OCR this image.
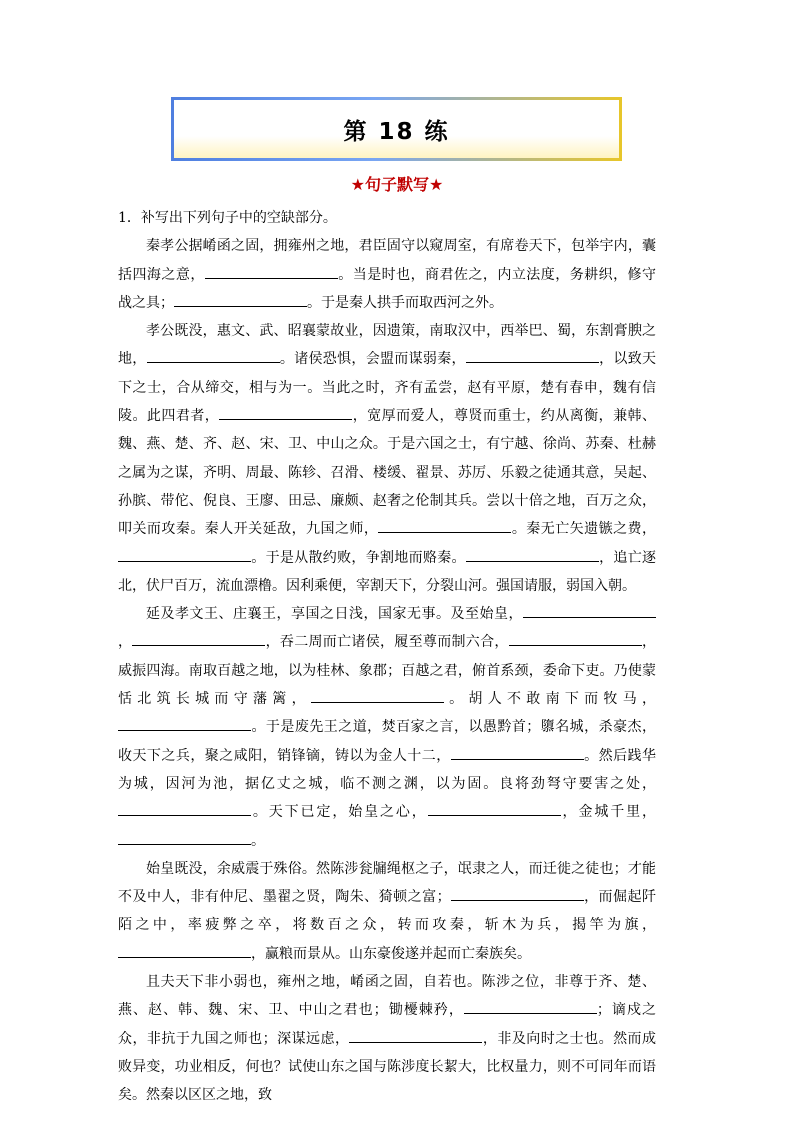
第 18 练
★句子默写★

1．补写出下列句子中的空缺部分。

秦孝公据崤函之固，拥雍州之地，君臣固守以窥周室，有席卷天下，包举宇内，囊括四海之意，	。当是时也，商君佐之，内立法度，务耕织，修守战之具；	。于是秦人拱手而取西河之外。

孝公既没，惠文、武、昭襄蒙故业，因遗策，南取汉中，西举巴、蜀，东割膏腴之地，	。诸侯恐惧，会盟而谋弱秦，	，以致天下之士，合从缔交，相与为一。当此之时，齐有孟尝，赵有平原，楚有春申，魏有信陵。此四君者，	，宽厚而爱人，尊贤而重士，约从离衡，兼韩、魏、燕、楚、齐、赵、宋、卫、中山之众。于是六国之士，有宁越、徐尚、苏秦、杜赫之属为之谋，齐明、周最、陈轸、召滑、楼缓、翟景、苏厉、乐毅之徒通其意，吴起、孙膑、带佗、倪良、王廖、田忌、廉颇、赵奢之伦制其兵。尝以十倍之地，百万之众，叩关而攻秦。秦人开关延敌，九国之师，	。秦无亡矢遗镞之费，。于是从散约败，争割地而赂秦。	，追亡逐北，伏尸百万，流血漂橹。因利乘便，宰割天下，分裂山河。强国请服，弱国入朝。

延及孝文王、庄襄王，享国之日浅，国家无事。及至始皇，，	，吞二周而亡诸侯，履至尊而制六合，	，威振四海。南取百越之地，以为桂林、象郡；百越之君，俯首系颈，委命下吏。乃使蒙恬北筑长城而守藩篱，	。胡人不敢南下而牧马，。于是废先王之道，焚百家之言，以愚黔首；隳名城，杀豪杰，收天下之兵，聚之咸阳，销锋镝，铸以为金人十二，	。然后践华为城，因河为池，据亿丈之城，临不测之渊，以为固。良将劲弩守要害之处，。天下已定，始皇之心，	，金城千里，。

始皇既没，余威震于殊俗。然陈涉瓮牖绳枢之子，氓隶之人，而迁徙之徒也；才能不及中人，非有仲尼、墨翟之贤，陶朱、猗顿之富；	，而倔起阡陌之中，率疲弊之卒，将数百之众，转而攻秦，斩木为兵，揭竿为旗，，赢粮而景从。山东豪俊遂并起而亡秦族矣。

且夫天下非小弱也，雍州之地，崤函之固，自若也。陈涉之位，非尊于齐、楚、燕、赵、韩、魏、宋、卫、中山之君也；锄櫌棘矜，	；谪戍之众，非抗于九国之师也；深谋远虑，	，非及向时之士也。然而成败异变，功业相反，何也？试使山东之国与陈涉度长絜大，比权量力，则不可同年而语矣。然秦以区区之地，致
